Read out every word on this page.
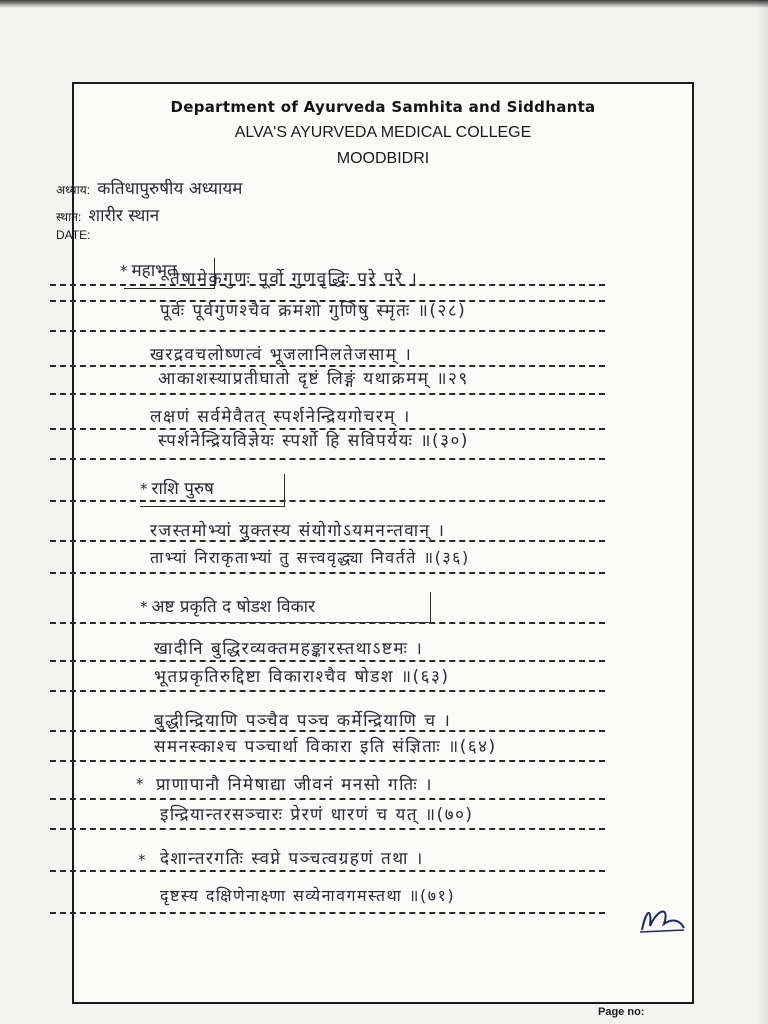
Department of Ayurveda Samhita and Siddhanta
ALVA'S AYURVEDA MEDICAL COLLEGE
MOODBIDRI
अध्याय: कतिधापुरुषीय अध्यायम
स्थान: शारीर स्थान
DATE:
* महाभूत
तेषामेकगुणः पूर्वो गुणवृद्धिः परे परे ।
पूर्वः पूर्वगुणश्चैव क्रमशो गुणिषु स्मृतः ॥(२८)
खरद्रवचलोष्णत्वं भूजलानिलतेजसाम् ।
आकाशस्याप्रतीघातो दृष्टं लिङ्गं यथाक्रमम् ॥२९
लक्षणं सर्वमेवैतत् स्पर्शनेन्द्रियगोचरम् ।
स्पर्शनेन्द्रियविज्ञेयः स्पर्शो हि सविपर्ययः ॥(३०)
* राशि पुरुष
रजस्तमोभ्यां युक्तस्य संयोगोऽयमनन्तवान् ।
ताभ्यां निराकृताभ्यां तु सत्त्ववृद्ध्या निवर्तते ॥(३६)
* अष्ट प्रकृति द षोडश विकार
खादीनि बुद्धिरव्यक्तमहङ्कारस्तथाऽष्टमः ।
भूतप्रकृतिरुद्दिष्टा विकाराश्चैव षोडश ॥(६३)
बुद्धीन्द्रियाणि पञ्चैव पञ्च कर्मेन्द्रियाणि च ।
समनस्काश्च पञ्चार्था विकारा इति संज्ञिताः ॥(६४)
* प्राणापानौ निमेषाद्या जीवनं मनसो गतिः ।
इन्द्रियान्तरसञ्चारः प्रेरणं धारणं च यत् ॥(७०)
* देशान्तरगतिः स्वप्ने पञ्चत्वग्रहणं तथा ।
दृष्टस्य दक्षिणेनाक्ष्णा सव्येनावगमस्तथा ॥(७१)
Page no:
